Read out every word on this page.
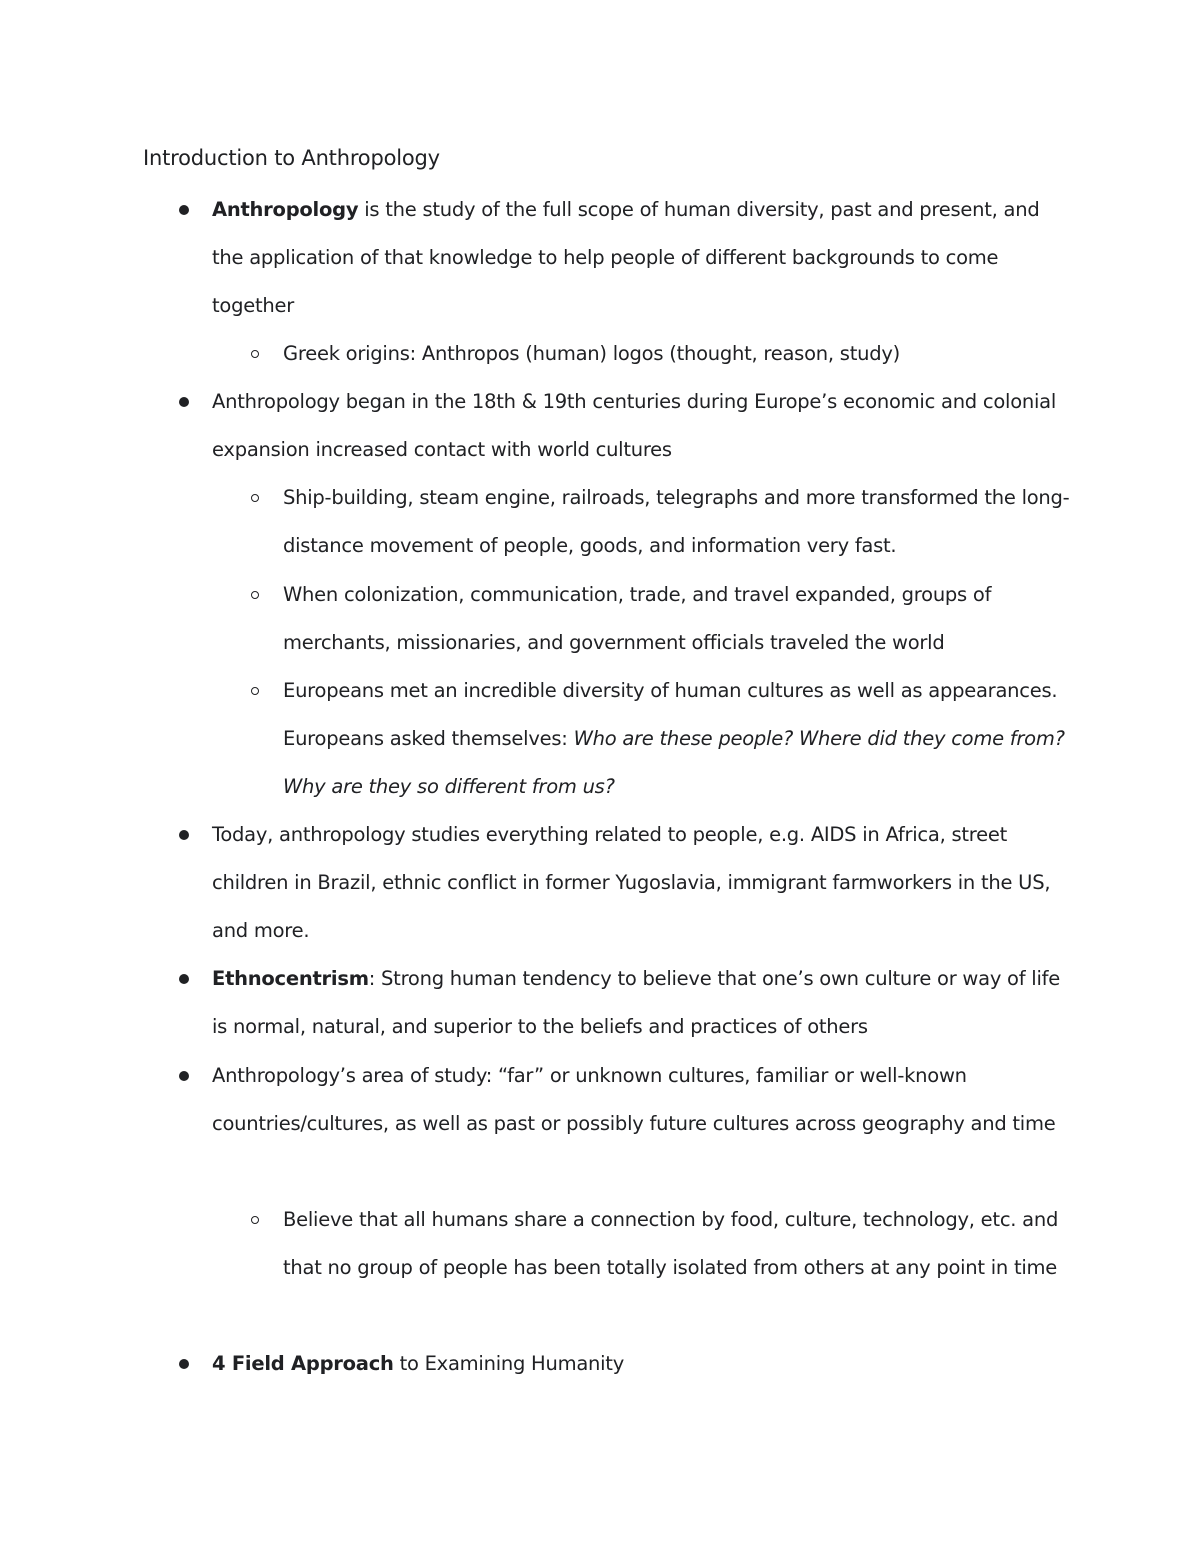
Introduction to Anthropology
Anthropology is the study of the full scope of human diversity, past and present, and the application of that knowledge to help people of different backgrounds to come together
Greek origins: Anthropos (human) logos (thought, reason, study)
Anthropology began in the 18th & 19th centuries during Europe’s economic and colonial expansion increased contact with world cultures
Ship-building, steam engine, railroads, telegraphs and more transformed the long-distance movement of people, goods, and information very fast.
When colonization, communication, trade, and travel expanded, groups of merchants, missionaries, and government officials traveled the world
Europeans met an incredible diversity of human cultures as well as appearances. Europeans asked themselves: Who are these people? Where did they come from? Why are they so different from us?
Today, anthropology studies everything related to people, e.g. AIDS in Africa, street children in Brazil, ethnic conflict in former Yugoslavia, immigrant farmworkers in the US, and more.
Ethnocentrism: Strong human tendency to believe that one’s own culture or way of life is normal, natural, and superior to the beliefs and practices of others
Anthropology’s area of study: “far” or unknown cultures, familiar or well-known countries/cultures, as well as past or possibly future cultures across geography and time
Believe that all humans share a connection by food, culture, technology, etc. and that no group of people has been totally isolated from others at any point in time
4 Field Approach to Examining Humanity
